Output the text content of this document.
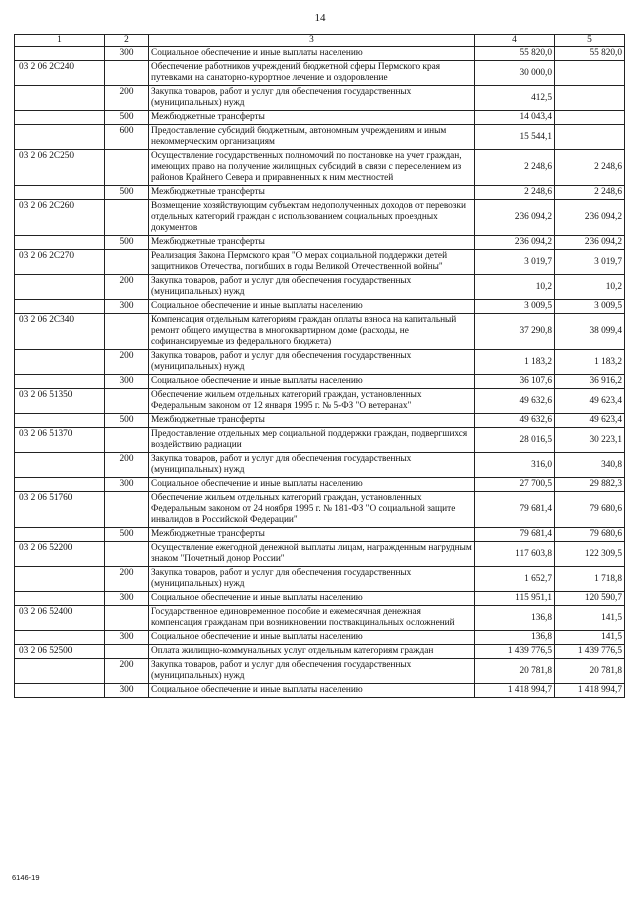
14
1	2	3	4	5
	300	Социальное обеспечение и иные выплаты населению	55 820,0	55 820,0
03 2 06 2С240		Обеспечение работников учреждений бюджетной сферы Пермского края путевками на санаторно-курортное лечение и оздоровление	30 000,0	
	200	Закупка товаров, работ и услуг для обеспечения государственных (муниципальных) нужд	412,5	
	500	Межбюджетные трансферты	14 043,4	
	600	Предоставление субсидий бюджетным, автономным учреждениям и иным некоммерческим организациям	15 544,1	
03 2 06 2С250		Осуществление государственных полномочий по постановке на учет граждан, имеющих право на получение жилищных субсидий в связи с переселением из районов Крайнего Севера и приравненных к ним местностей	2 248,6	2 248,6
	500	Межбюджетные трансферты	2 248,6	2 248,6
03 2 06 2С260		Возмещение хозяйствующим субъектам недополученных доходов от перевозки отдельных категорий граждан с использованием социальных проездных документов	236 094,2	236 094,2
	500	Межбюджетные трансферты	236 094,2	236 094,2
03 2 06 2С270		Реализация Закона Пермского края "О мерах социальной поддержки детей защитников Отечества, погибших в годы Великой Отечественной войны"	3 019,7	3 019,7
	200	Закупка товаров, работ и услуг для обеспечения государственных (муниципальных) нужд	10,2	10,2
	300	Социальное обеспечение и иные выплаты населению	3 009,5	3 009,5
03 2 06 2С340		Компенсация отдельным категориям граждан оплаты взноса на капитальный ремонт общего имущества в многоквартирном доме (расходы, не софинансируемые из федерального бюджета)	37 290,8	38 099,4
	200	Закупка товаров, работ и услуг для обеспечения государственных (муниципальных) нужд	1 183,2	1 183,2
	300	Социальное обеспечение и иные выплаты населению	36 107,6	36 916,2
03 2 06 51350		Обеспечение жильем отдельных категорий граждан, установленных Федеральным законом от 12 января 1995 г. № 5-ФЗ "О ветеранах"	49 632,6	49 623,4
	500	Межбюджетные трансферты	49 632,6	49 623,4
03 2 06 51370		Предоставление отдельных мер социальной поддержки граждан, подвергшихся воздействию радиации	28 016,5	30 223,1
	200	Закупка товаров, работ и услуг для обеспечения государственных (муниципальных) нужд	316,0	340,8
	300	Социальное обеспечение и иные выплаты населению	27 700,5	29 882,3
03 2 06 51760		Обеспечение жильем отдельных категорий граждан, установленных Федеральным законом от 24 ноября 1995 г. № 181-ФЗ "О социальной защите инвалидов в Российской Федерации"	79 681,4	79 680,6
	500	Межбюджетные трансферты	79 681,4	79 680,6
03 2 06 52200		Осуществление ежегодной денежной выплаты лицам, награжденным нагрудным знаком "Почетный донор России"	117 603,8	122 309,5
	200	Закупка товаров, работ и услуг для обеспечения государственных (муниципальных) нужд	1 652,7	1 718,8
	300	Социальное обеспечение и иные выплаты населению	115 951,1	120 590,7
03 2 06 52400		Государственное единовременное пособие и ежемесячная денежная компенсация гражданам при возникновении поствакцинальных осложнений	136,8	141,5
	300	Социальное обеспечение и иные выплаты населению	136,8	141,5
03 2 06 52500		Оплата жилищно-коммунальных услуг отдельным категориям граждан	1 439 776,5	1 439 776,5
	200	Закупка товаров, работ и услуг для обеспечения государственных (муниципальных) нужд	20 781,8	20 781,8
	300	Социальное обеспечение и иные выплаты населению	1 418 994,7	1 418 994,7
6146-19
